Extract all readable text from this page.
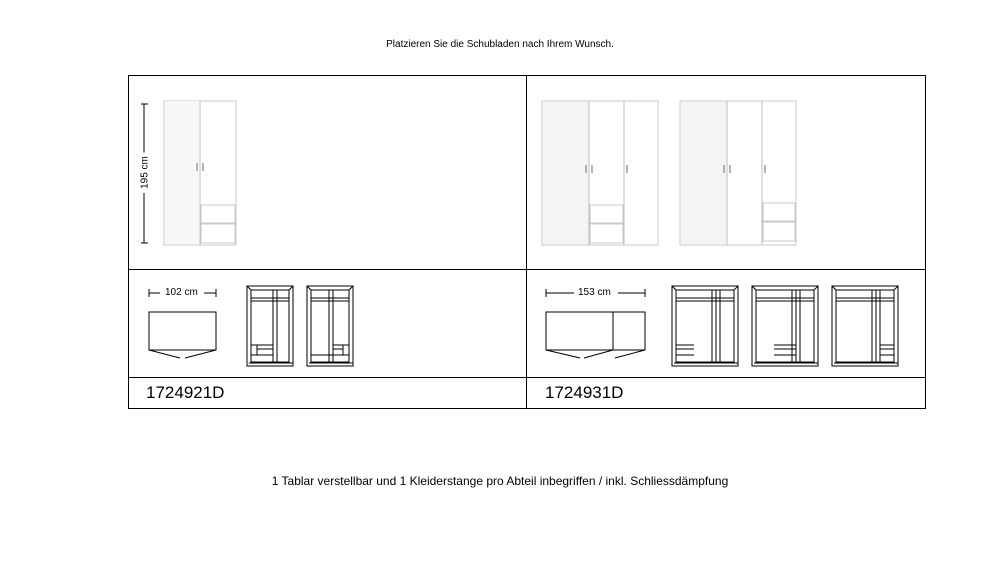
Platzieren Sie die Schubladen nach Ihrem Wunsch.
195 cm
102 cm	153 cm
1724921D	1724931D
1 Tablar verstellbar und 1 Kleiderstange pro Abteil inbegriffen / inkl. Schliessdämpfung
